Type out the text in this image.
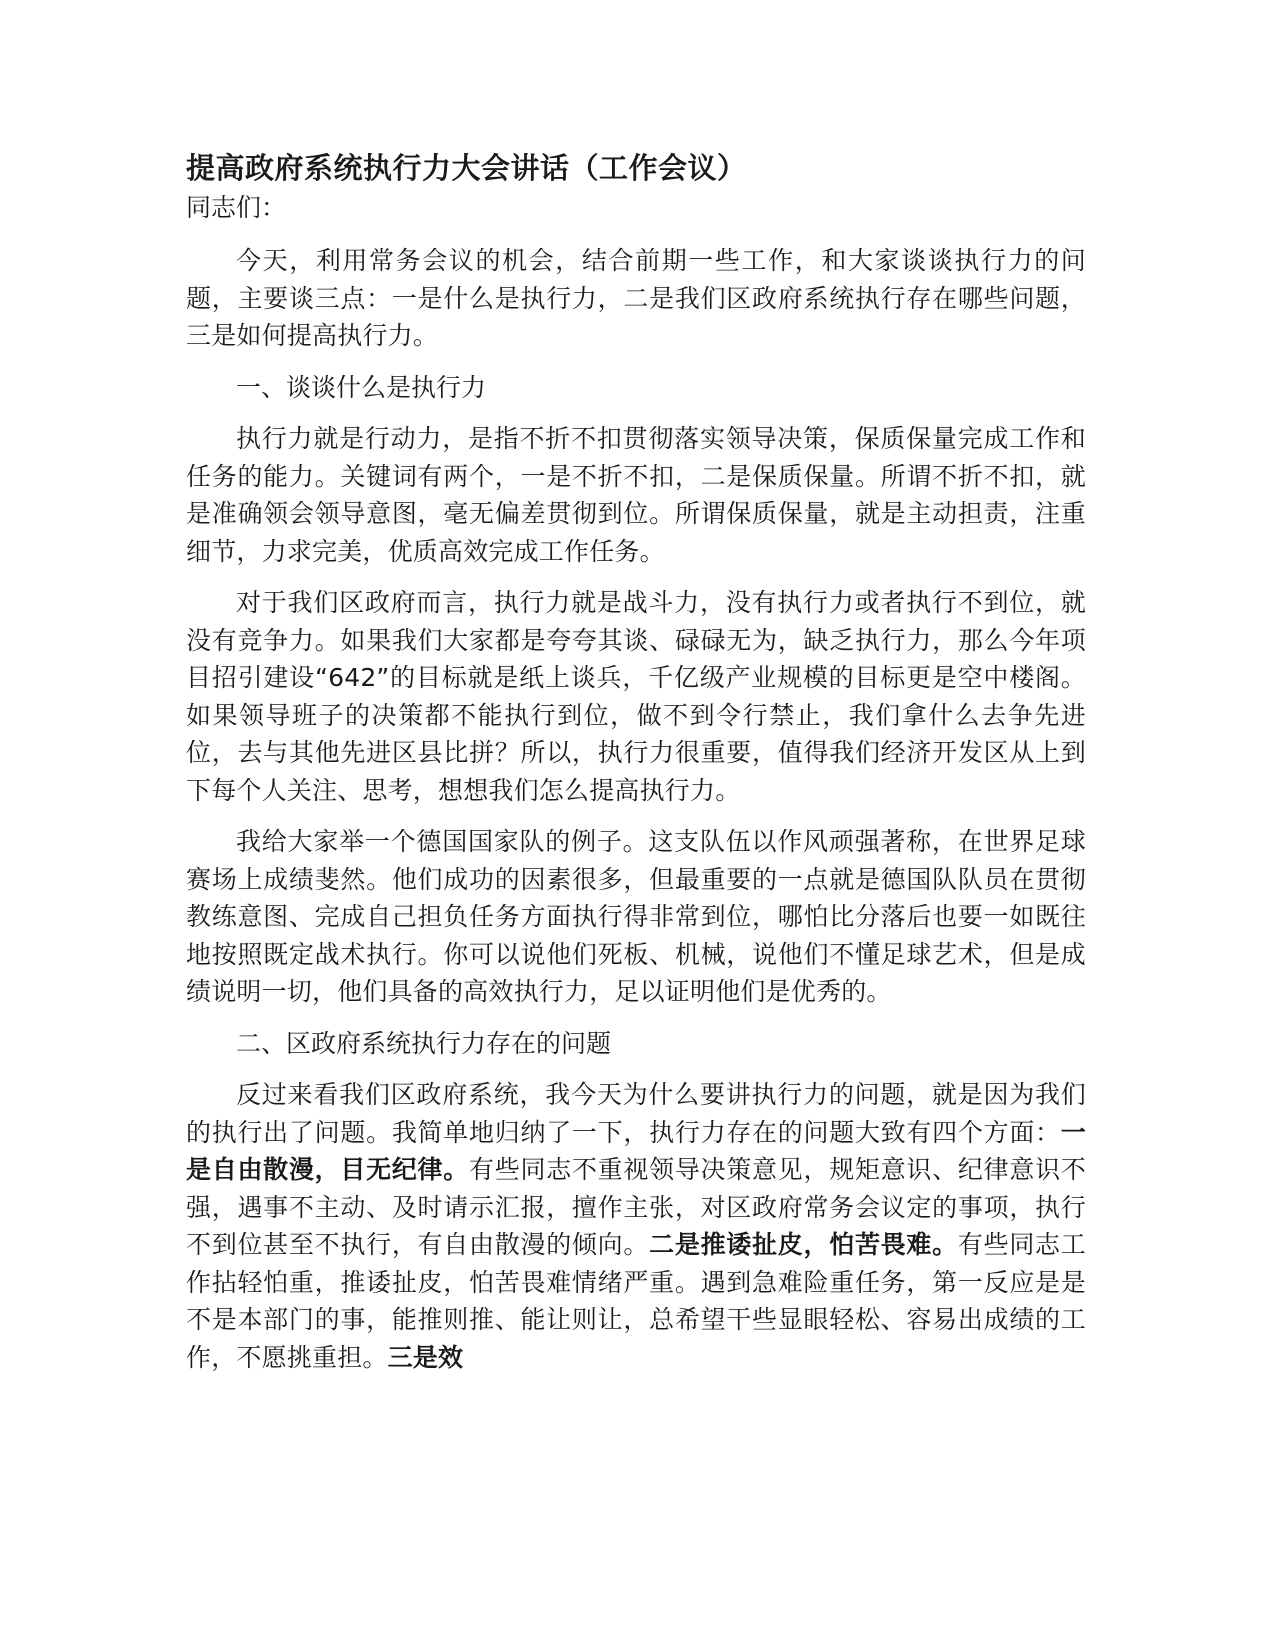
提高政府系统执行力大会讲话（工作会议）

同志们：

今天，利用常务会议的机会，结合前期一些工作，和大家谈谈执行力的问题，主要谈三点：一是什么是执行力，二是我们区政府系统执行存在哪些问题，三是如何提高执行力。

一、谈谈什么是执行力

执行力就是行动力，是指不折不扣贯彻落实领导决策，保质保量完成工作和任务的能力。关键词有两个，一是不折不扣，二是保质保量。所谓不折不扣，就是准确领会领导意图，毫无偏差贯彻到位。所谓保质保量，就是主动担责，注重细节，力求完美，优质高效完成工作任务。

对于我们区政府而言，执行力就是战斗力，没有执行力或者执行不到位，就没有竞争力。如果我们大家都是夸夸其谈、碌碌无为，缺乏执行力，那么今年项目招引建设“642”的目标就是纸上谈兵，千亿级产业规模的目标更是空中楼阁。如果领导班子的决策都不能执行到位，做不到令行禁止，我们拿什么去争先进位，去与其他先进区县比拼？所以，执行力很重要，值得我们经济开发区从上到下每个人关注、思考，想想我们怎么提高执行力。

我给大家举一个德国国家队的例子。这支队伍以作风顽强著称，在世界足球赛场上成绩斐然。他们成功的因素很多，但最重要的一点就是德国队队员在贯彻教练意图、完成自己担负任务方面执行得非常到位，哪怕比分落后也要一如既往地按照既定战术执行。你可以说他们死板、机械，说他们不懂足球艺术，但是成绩说明一切，他们具备的高效执行力，足以证明他们是优秀的。

二、区政府系统执行力存在的问题

反过来看我们区政府系统，我今天为什么要讲执行力的问题，就是因为我们的执行出了问题。我简单地归纳了一下，执行力存在的问题大致有四个方面：一是自由散漫，目无纪律。有些同志不重视领导决策意见，规矩意识、纪律意识不强，遇事不主动、及时请示汇报，擅作主张，对区政府常务会议定的事项，执行不到位甚至不执行，有自由散漫的倾向。二是推诿扯皮，怕苦畏难。有些同志工作拈轻怕重，推诿扯皮，怕苦畏难情绪严重。遇到急难险重任务，第一反应是是不是本部门的事，能推则推、能让则让，总希望干些显眼轻松、容易出成绩的工作，不愿挑重担。三是效
